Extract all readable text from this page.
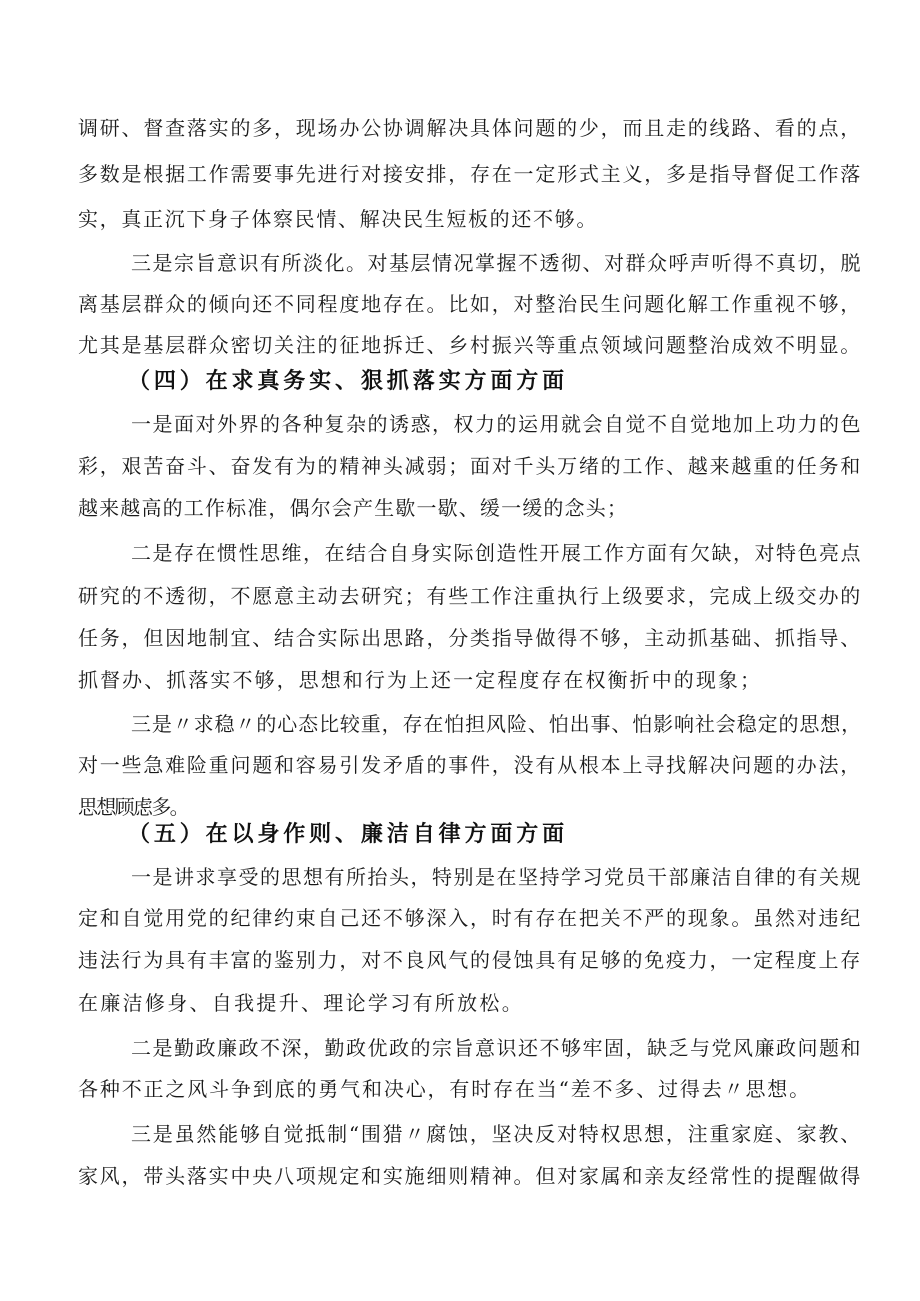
调研、督查落实的多，现场办公协调解决具体问题的少，而且走的线路、看的点，
多数是根据工作需要事先进行对接安排，存在一定形式主义，多是指导督促工作落
实，真正沉下身子体察民情、解决民生短板的还不够。
三是宗旨意识有所淡化。对基层情况掌握不透彻、对群众呼声听得不真切，脱
离基层群众的倾向还不同程度地存在。比如，对整治民生问题化解工作重视不够，
尤其是基层群众密切关注的征地拆迁、乡村振兴等重点领域问题整治成效不明显。
（四）在求真务实、狠抓落实方面方面
一是面对外界的各种复杂的诱惑，权力的运用就会自觉不自觉地加上功力的色
彩，艰苦奋斗、奋发有为的精神头减弱；面对千头万绪的工作、越来越重的任务和
越来越高的工作标准，偶尔会产生歇一歇、缓一缓的念头；
二是存在惯性思维，在结合自身实际创造性开展工作方面有欠缺，对特色亮点
研究的不透彻，不愿意主动去研究；有些工作注重执行上级要求，完成上级交办的
任务，但因地制宜、结合实际出思路，分类指导做得不够，主动抓基础、抓指导、
抓督办、抓落实不够，思想和行为上还一定程度存在权衡折中的现象；
三是〃求稳〃的心态比较重，存在怕担风险、怕出事、怕影响社会稳定的思想，
对一些急难险重问题和容易引发矛盾的事件，没有从根本上寻找解决问题的办法，
思想顾虑多。
（五）在以身作则、廉洁自律方面方面
一是讲求享受的思想有所抬头，特别是在坚持学习党员干部廉洁自律的有关规
定和自觉用党的纪律约束自己还不够深入，时有存在把关不严的现象。虽然对违纪
违法行为具有丰富的鉴别力，对不良风气的侵蚀具有足够的免疫力，一定程度上存
在廉洁修身、自我提升、理论学习有所放松。
二是勤政廉政不深，勤政优政的宗旨意识还不够牢固，缺乏与党风廉政问题和
各种不正之风斗争到底的勇气和决心，有时存在当“差不多、过得去〃思想。
三是虽然能够自觉抵制“围猎〃腐蚀，坚决反对特权思想，注重家庭、家教、
家风，带头落实中央八项规定和实施细则精神。但对家属和亲友经常性的提醒做得
